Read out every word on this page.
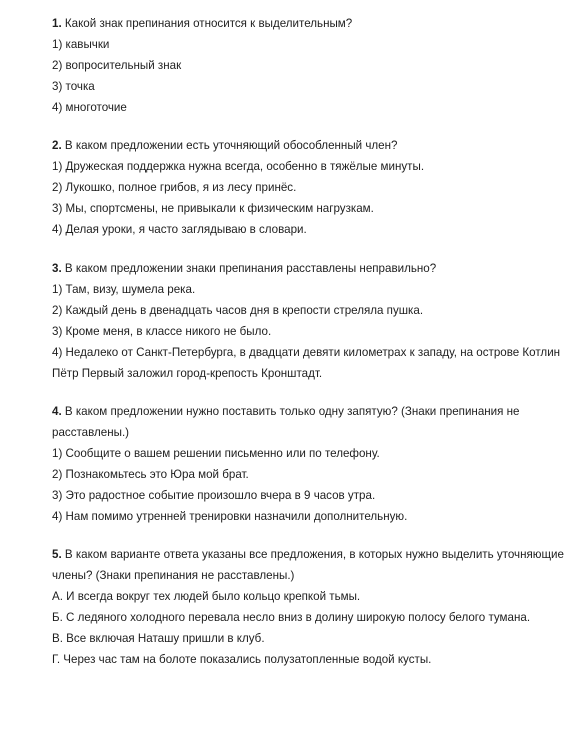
1. Какой знак препинания относится к выделительным?
1) кавычки
2) вопросительный знак
3) точка
4) многоточие
2. В каком предложении есть уточняющий обособленный член?
1) Дружеская поддержка нужна всегда, особенно в тяжёлые минуты.
2) Лукошко, полное грибов, я из лесу принёс.
3) Мы, спортсмены, не привыкали к физическим нагрузкам.
4) Делая уроки, я часто заглядываю в словари.
3. В каком предложении знаки препинания расставлены неправильно?
1) Там, визу, шумела река.
2) Каждый день в двенадцать часов дня в крепости стреляла пушка.
3) Кроме меня, в классе никого не было.
4) Недалеко от Санкт-Петербурга, в двадцати девяти километрах к западу, на острове Котлин
Пётр Первый заложил город-крепость Кронштадт.
4. В каком предложении нужно поставить только одну запятую? (Знаки препинания не
расставлены.)
1) Сообщите о вашем решении письменно или по телефону.
2) Познакомьтесь это Юра мой брат.
3) Это радостное событие произошло вчера в 9 часов утра.
4) Нам помимо утренней тренировки назначили дополнительную.
5. В каком варианте ответа указаны все предложения, в которых нужно выделить уточняющие
члены? (Знаки препинания не расставлены.)
А. И всегда вокруг тех людей было кольцо крепкой тьмы.
Б. С ледяного холодного перевала несло вниз в долину широкую полосу белого тумана.
В. Все включая Наташу пришли в клуб.
Г. Через час там на болоте показались полузатопленные водой кусты.
